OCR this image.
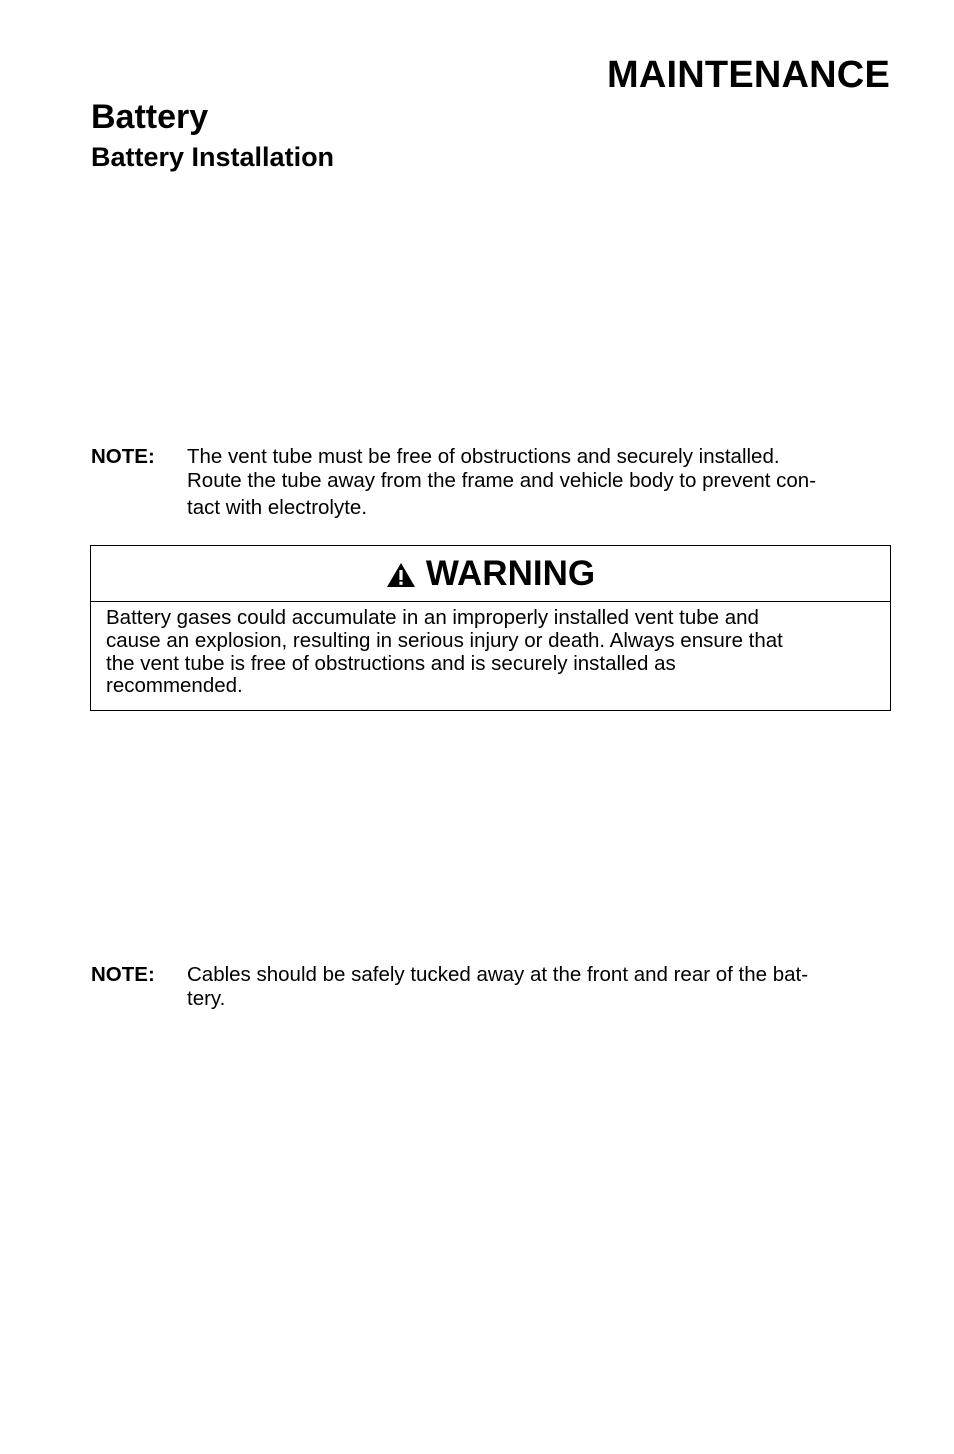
MAINTENANCE
Battery
Battery Installation
NOTE:	The vent tube must be free of obstructions and securely installed.
Route the tube away from the frame and vehicle body to prevent con-
tact with electrolyte.
WARNING
Battery gases could accumulate in an improperly installed vent tube and
cause an explosion, resulting in serious injury or death. Always ensure that
the vent tube is free of obstructions and is securely installed as
recommended.
NOTE:	Cables should be safely tucked away at the front and rear of the bat-
tery.
